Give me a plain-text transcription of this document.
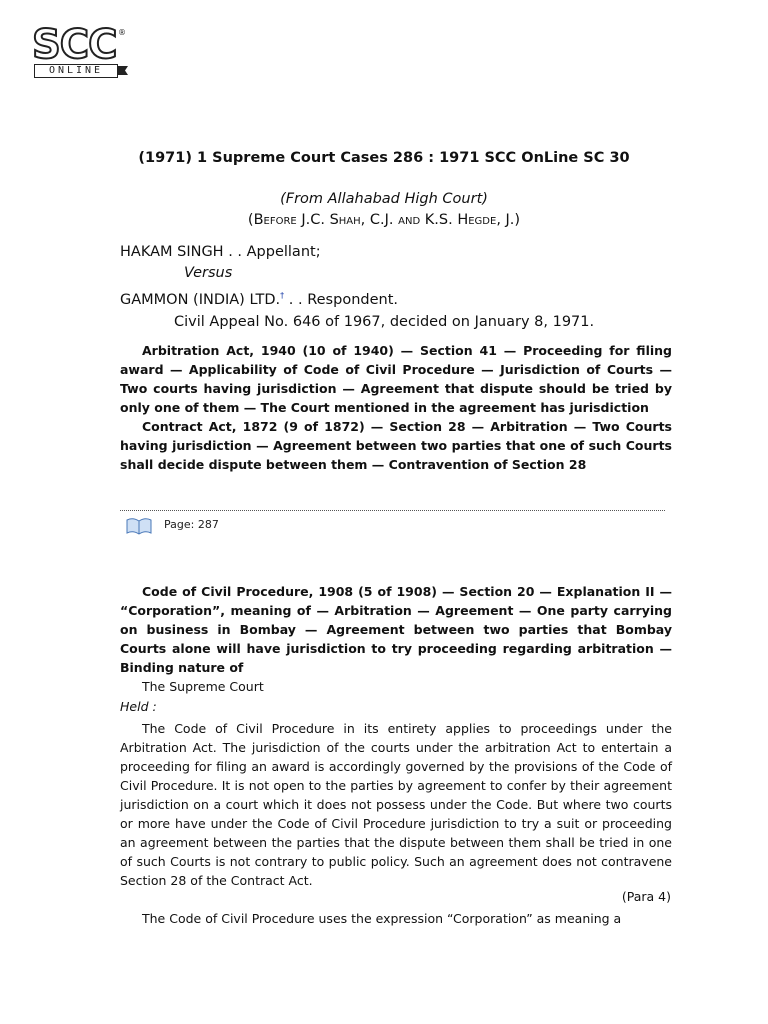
SCC ®
ONLINE
(1971) 1 Supreme Court Cases 286 : 1971 SCC OnLine SC 30
(From Allahabad High Court)
(Before J.C. Shah, C.J. and K.S. Hegde, J.)
HAKAM SINGH . . Appellant;
Versus
GAMMON (INDIA) LTD.† . . Respondent.
Civil Appeal No. 646 of 1967, decided on January 8, 1971.
Arbitration Act, 1940 (10 of 1940) — Section 41 — Proceeding for filing award — Applicability of Code of Civil Procedure — Jurisdiction of Courts — Two courts having jurisdiction — Agreement that dispute should be tried by only one of them — The Court mentioned in the agreement has jurisdiction
Contract Act, 1872 (9 of 1872) — Section 28 — Arbitration — Two Courts having jurisdiction — Agreement between two parties that one of such Courts shall decide dispute between them — Contravention of Section 28
Page: 287
Code of Civil Procedure, 1908 (5 of 1908) — Section 20 — Explanation II — “Corporation”, meaning of — Arbitration — Agreement — One party carrying on business in Bombay — Agreement between two parties that Bombay Courts alone will have jurisdiction to try proceeding regarding arbitration — Binding nature of
The Supreme Court
Held :
The Code of Civil Procedure in its entirety applies to proceedings under the Arbitration Act. The jurisdiction of the courts under the arbitration Act to entertain a proceeding for filing an award is accordingly governed by the provisions of the Code of Civil Procedure. It is not open to the parties by agreement to confer by their agreement jurisdiction on a court which it does not possess under the Code. But where two courts or more have under the Code of Civil Procedure jurisdiction to try a suit or proceeding an agreement between the parties that the dispute between them shall be tried in one of such Courts is not contrary to public policy. Such an agreement does not contravene Section 28 of the Contract Act.
(Para 4)
The Code of Civil Procedure uses the expression “Corporation” as meaning a
